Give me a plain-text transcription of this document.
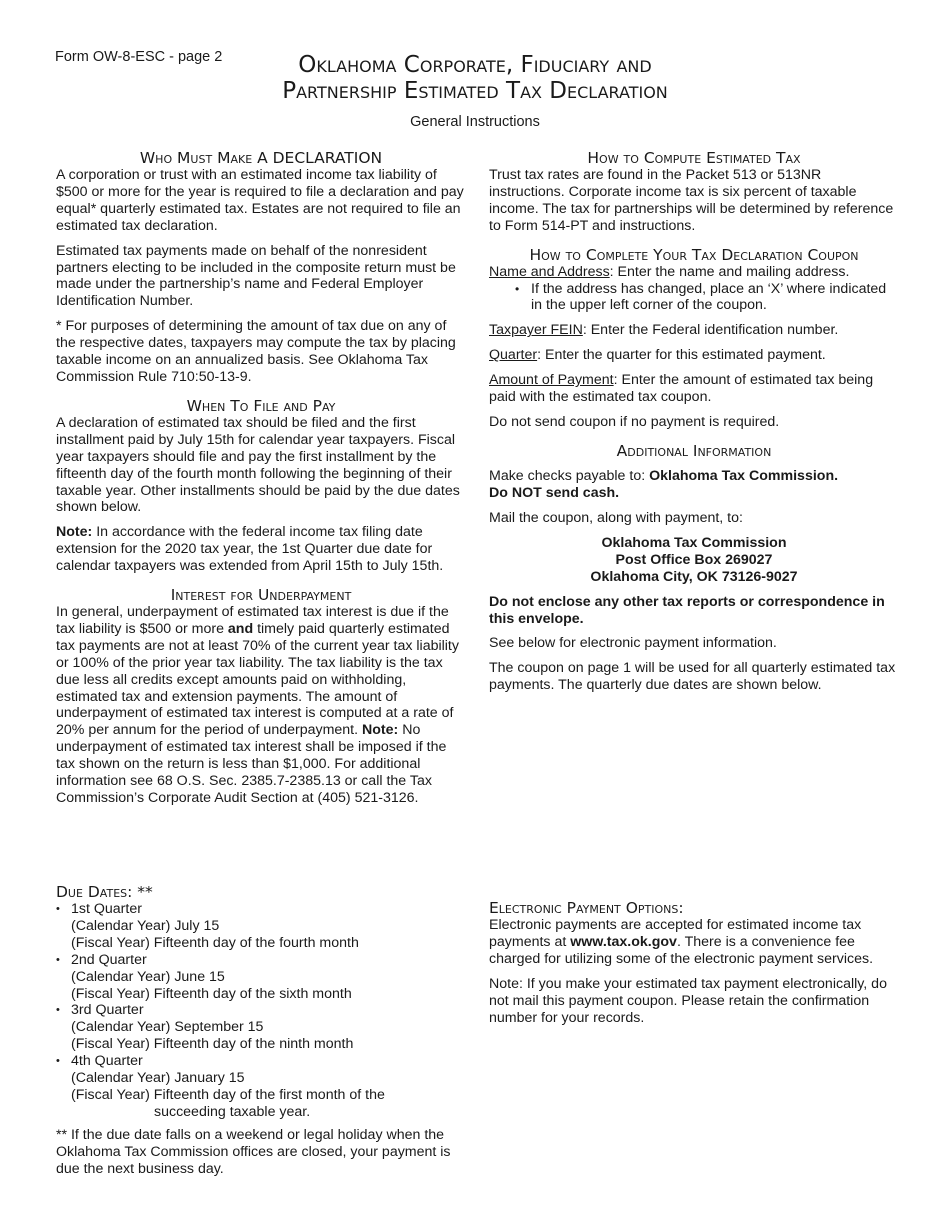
Form OW-8-ESC - page 2	Oklahoma Corporate, Fiduciary and
Partnership Estimated Tax Declaration
General Instructions
Who Must Make A DECLARATION

A corporation or trust with an estimated income tax liability of $500 or more for the year is required to file a declaration and pay equal* quarterly estimated tax. Estates are not required to file an estimated tax declaration.

Estimated tax payments made on behalf of the nonresident partners electing to be included in the composite return must be made under the partnership’s name and Federal Employer Identification Number.

* For purposes of determining the amount of tax due on any of the respective dates, taxpayers may compute the tax by placing taxable income on an annualized basis. See Oklahoma Tax Commission Rule 710:50-13-9.

When To File and Pay

A declaration of estimated tax should be filed and the first installment paid by July 15th for calendar year taxpayers. Fiscal year taxpayers should file and pay the first installment by the fifteenth day of the fourth month following the beginning of their taxable year. Other installments should be paid by the due dates shown below.

Note: In accordance with the federal income tax filing date extension for the 2020 tax year, the 1st Quarter due date for calendar taxpayers was extended from April 15th to July 15th.

Interest for Underpayment

In general, underpayment of estimated tax interest is due if the tax liability is $500 or more and timely paid quarterly estimated tax payments are not at least 70% of the current year tax liability or 100% of the prior year tax liability. The tax liability is the tax due less all credits except amounts paid on withholding, estimated tax and extension payments. The amount of underpayment of estimated tax interest is computed at a rate of 20% per annum for the period of underpayment. Note: No underpayment of estimated tax interest shall be imposed if the tax shown on the return is less than $1,000. For additional information see 68 O.S. Sec. 2385.7-2385.13 or call the Tax Commission’s Corporate Audit Section at (405) 521-3126.

How to Compute Estimated Tax

Trust tax rates are found in the Packet 513 or 513NR instructions. Corporate income tax is six percent of taxable income. The tax for partnerships will be determined by reference to Form 514-PT and instructions.

How to Complete Your Tax Declaration Coupon
Name and Address: Enter the name and mailing address.
• If the address has changed, place an ‘X’ where indicated in the upper left corner of the coupon.

Taxpayer FEIN: Enter the Federal identification number.

Quarter: Enter the quarter for this estimated payment.

Amount of Payment: Enter the amount of estimated tax being paid with the estimated tax coupon.

Do not send coupon if no payment is required.

Additional Information

Make checks payable to: Oklahoma Tax Commission.
Do NOT send cash.

Mail the coupon, along with payment, to:

Oklahoma Tax Commission
Post Office Box 269027
Oklahoma City, OK 73126-9027

Do not enclose any other tax reports or correspondence in this envelope.

See below for electronic payment information.

The coupon on page 1 will be used for all quarterly estimated tax payments. The quarterly due dates are shown below.

Due Dates: **
• 1st Quarter
(Calendar Year) July 15
(Fiscal Year) Fifteenth day of the fourth month
• 2nd Quarter
(Calendar Year) June 15
(Fiscal Year) Fifteenth day of the sixth month
• 3rd Quarter
(Calendar Year) September 15
(Fiscal Year) Fifteenth day of the ninth month
• 4th Quarter
(Calendar Year) January 15
(Fiscal Year) Fifteenth day of the first month of the
succeeding taxable year.

** If the due date falls on a weekend or legal holiday when the Oklahoma Tax Commission offices are closed, your payment is due the next business day.

Electronic Payment Options:

Electronic payments are accepted for estimated income tax payments at www.tax.ok.gov. There is a convenience fee charged for utilizing some of the electronic payment services.

Note: If you make your estimated tax payment electronically, do not mail this payment coupon. Please retain the confirmation number for your records.
